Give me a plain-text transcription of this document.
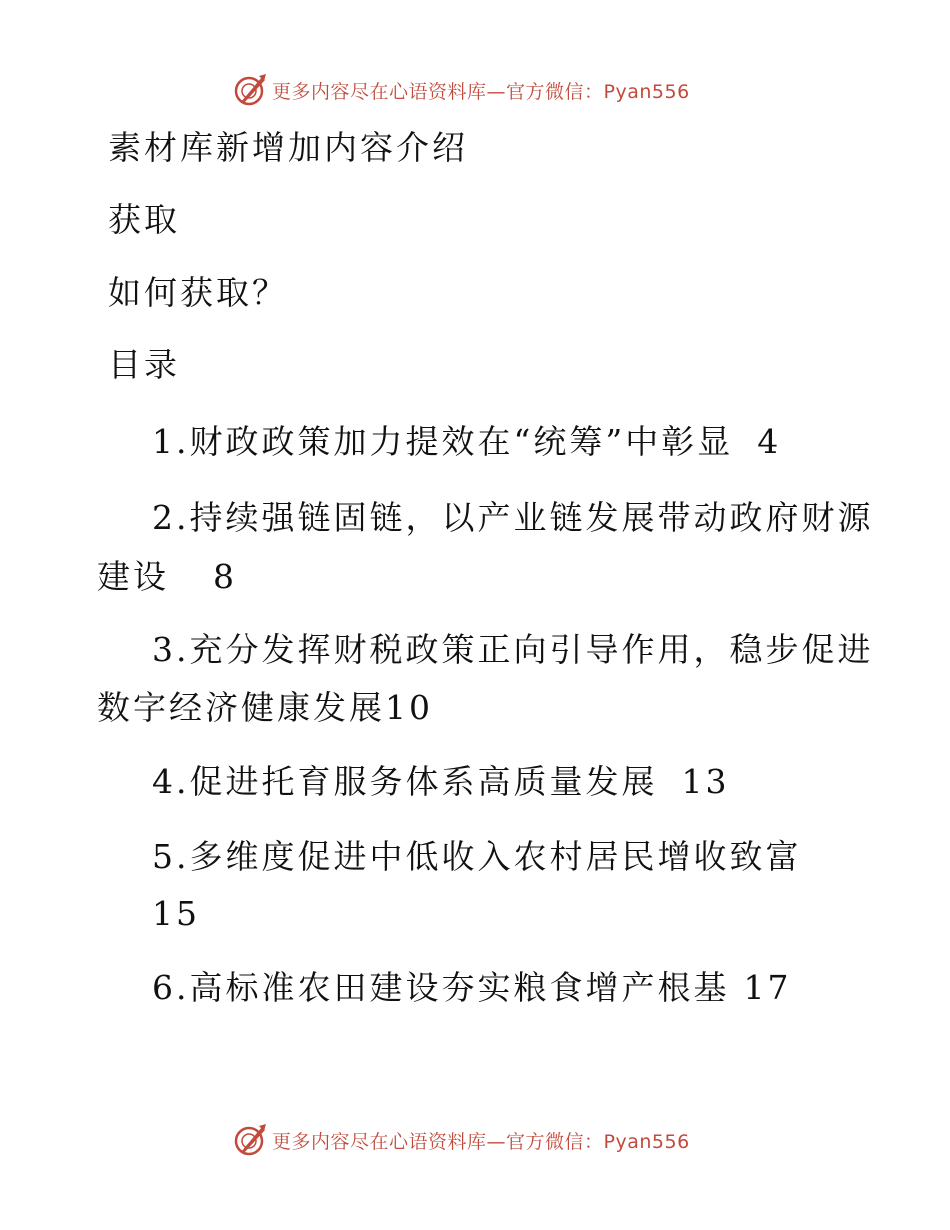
更多内容尽在心语资料库—官方微信：Pyan556
素材库新增加内容介绍
获取
如何获取？
目录
1.财政政策加力提效在“统筹”中彰显 4
2.持续强链固链，以产业链发展带动政府财源
建设 8
3.充分发挥财税政策正向引导作用，稳步促进
数字经济健康发展10
4.促进托育服务体系高质量发展 13
5.多维度促进中低收入农村居民增收致富
15
6.高标准农田建设夯实粮食增产根基 17
更多内容尽在心语资料库—官方微信：Pyan556
